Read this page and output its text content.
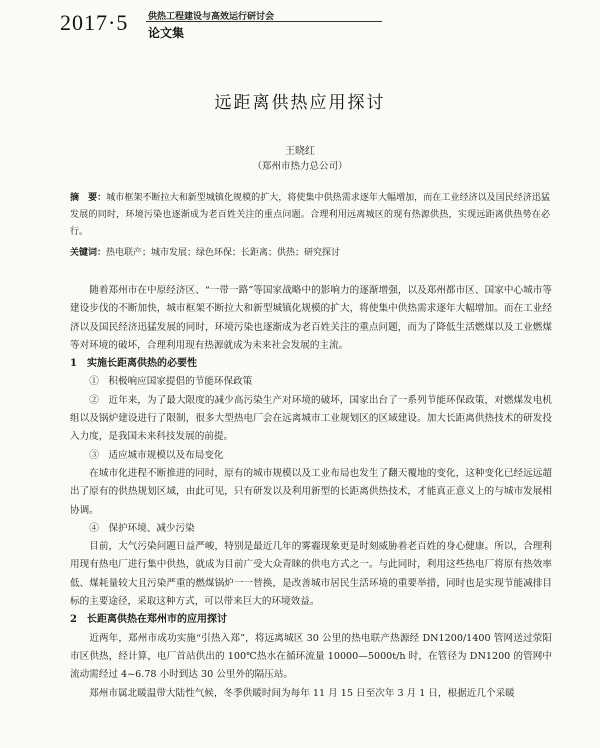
2017·5 供热工程建设与高效运行研讨会
论文集
远距离供热应用探讨
王晓红
（郑州市热力总公司）
摘　要：城市框架不断拉大和新型城镇化规模的扩大，将使集中供热需求逐年大幅增加，而在工业经济以及国民经济迅猛发展的同时，环境污染也逐渐成为老百姓关注的重点问题。合理利用远离城区的现有热源供热，实现远距离供热势在必行。
关键词：热电联产；城市发展；绿色环保；长距离；供热；研究探讨

随着郑州市在中原经济区、“一带一路”等国家战略中的影响力的逐渐增强，以及郑州都市区、国家中心城市等建设步伐的不断加快，城市框架不断拉大和新型城镇化规模的扩大，将使集中供热需求逐年大幅增加。而在工业经济以及国民经济迅猛发展的同时，环境污染也逐渐成为老百姓关注的重点问题，而为了降低生活燃煤以及工业燃煤等对环境的破坏，合理利用现有热源就成为未来社会发展的主流。

1　实施长距离供热的必要性

①　积极响应国家提倡的节能环保政策

②　近年来，为了最大限度的减少高污染生产对环境的破坏，国家出台了一系列节能环保政策，对燃煤发电机组以及锅炉建设进行了限制，很多大型热电厂会在远离城市工业规划区的区域建设。加大长距离供热技术的研发投入力度，是我国未来科技发展的前提。

③　适应城市规模以及布局变化

在城市化进程不断推进的同时，原有的城市规模以及工业布局也发生了翻天覆地的变化，这种变化已经远远超出了原有的供热规划区域，由此可见，只有研发以及利用新型的长距离供热技术，才能真正意义上的与城市发展相协调。

④　保护环境、减少污染

目前，大气污染问题日益严峻，特别是最近几年的雾霾现象更是时刻威胁着老百姓的身心健康。所以，合理利用现有热电厂进行集中供热，就成为目前广受大众青睐的供电方式之一。与此同时，利用这些热电厂将原有热效率低、煤耗量较大且污染严重的燃煤锅炉一一替换，是改善城市居民生活环境的重要举措，同时也是实现节能减排目标的主要途径，采取这种方式，可以带来巨大的环境效益。

2　长距离供热在郑州市的应用探讨

近两年，郑州市成功实施“引热入郑”，将远离城区 30 公里的热电联产热源经 DN1200/1400 管网送过荥阳市区供热，经计算，电厂首站供出的 100℃热水在循环流量 10000—5000t/h 时，在管径为 DN1200 的管网中流动需经过 4~6.78 小时到达 30 公里外的隔压站。

郑州市属北暖温带大陆性气候，冬季供暖时间为每年 11 月 15 日至次年 3 月 1 日，根据近几个采暖
